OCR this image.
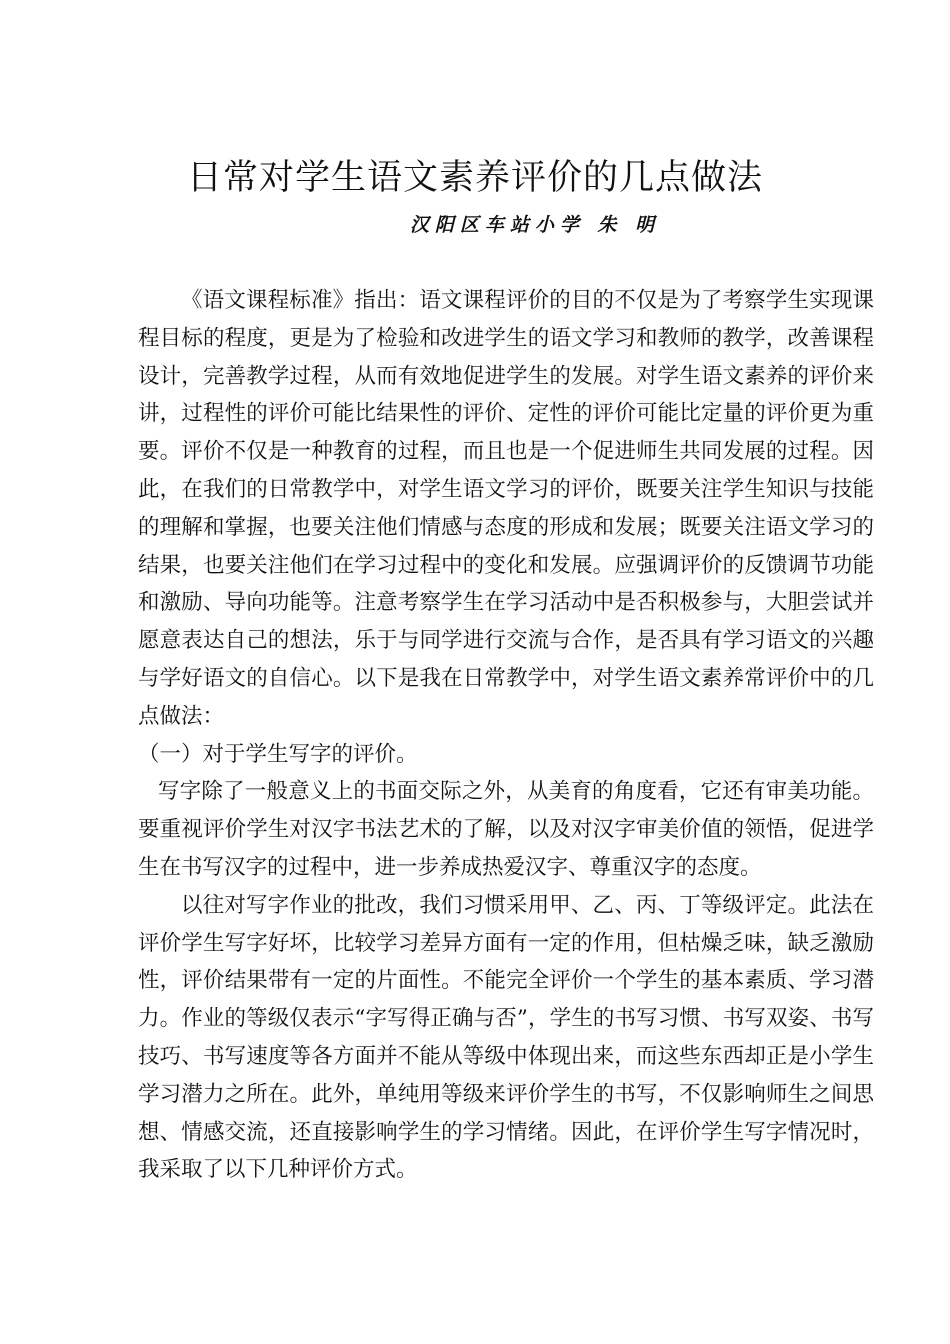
日常对学生语文素养评价的几点做法
汉阳区车站小学 朱 明

《语文课程标准》指出：语文课程评价的目的不仅是为了考察学生实现课程目标的程度，更是为了检验和改进学生的语文学习和教师的教学，改善课程设计，完善教学过程，从而有效地促进学生的发展。对学生语文素养的评价来讲，过程性的评价可能比结果性的评价、定性的评价可能比定量的评价更为重要。评价不仅是一种教育的过程，而且也是一个促进师生共同发展的过程。因此，在我们的日常教学中，对学生语文学习的评价，既要关注学生知识与技能的理解和掌握，也要关注他们情感与态度的形成和发展；既要关注语文学习的结果，也要关注他们在学习过程中的变化和发展。应强调评价的反馈调节功能和激励、导向功能等。注意考察学生在学习活动中是否积极参与，大胆尝试并愿意表达自己的想法，乐于与同学进行交流与合作，是否具有学习语文的兴趣与学好语文的自信心。以下是我在日常教学中，对学生语文素养常评价中的几点做法：

（一）对于学生写字的评价。

写字除了一般意义上的书面交际之外，从美育的角度看，它还有审美功能。要重视评价学生对汉字书法艺术的了解，以及对汉字审美价值的领悟，促进学生在书写汉字的过程中，进一步养成热爱汉字、尊重汉字的态度。

以往对写字作业的批改，我们习惯采用甲、乙、丙、丁等级评定。此法在评价学生写字好坏，比较学习差异方面有一定的作用，但枯燥乏味，缺乏激励性，评价结果带有一定的片面性。不能完全评价一个学生的基本素质、学习潜力。作业的等级仅表示“字写得正确与否”，学生的书写习惯、书写双姿、书写技巧、书写速度等各方面并不能从等级中体现出来，而这些东西却正是小学生学习潜力之所在。此外，单纯用等级来评价学生的书写，不仅影响师生之间思想、情感交流，还直接影响学生的学习情绪。因此，在评价学生写字情况时，我采取了以下几种评价方式。
